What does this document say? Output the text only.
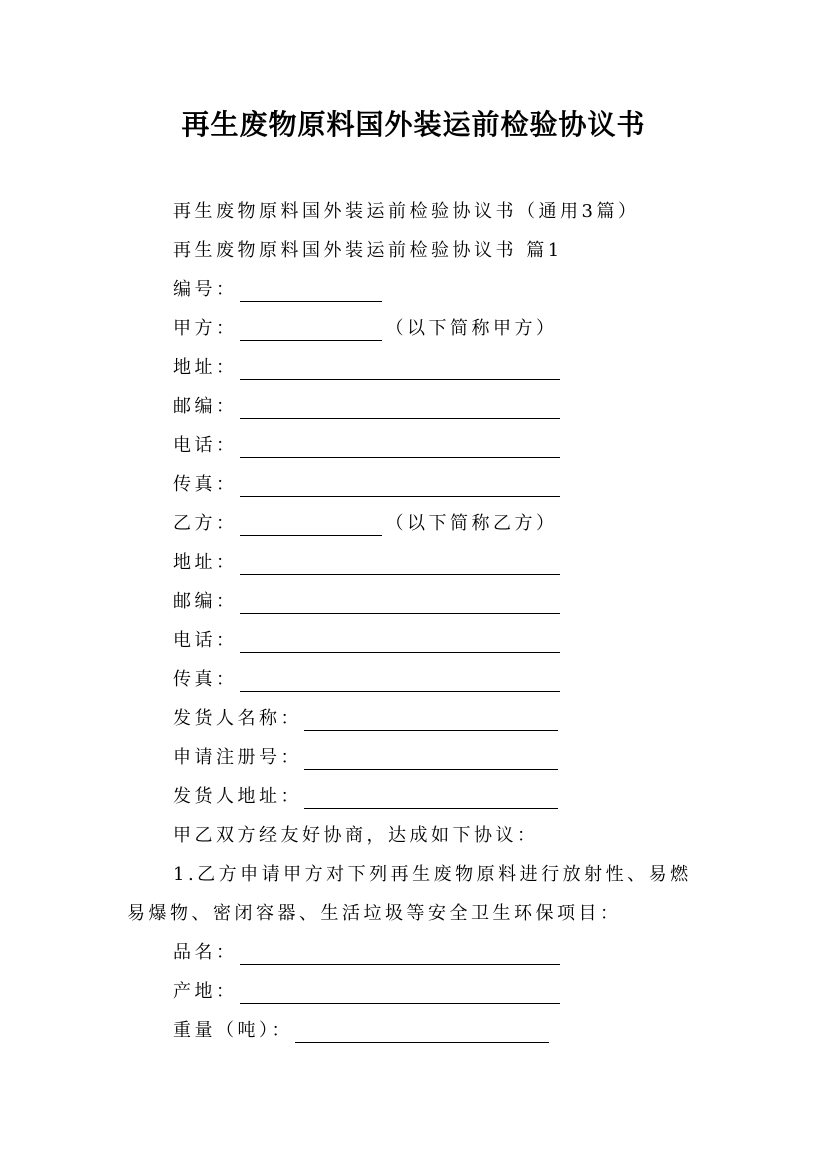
再生废物原料国外装运前检验协议书
再生废物原料国外装运前检验协议书（通用3篇）
再生废物原料国外装运前检验协议书 篇1
编号：
甲方：	（以下简称甲方）
地址：
邮编：
电话：
传真：
乙方：	（以下简称乙方）
地址：
邮编：
电话：
传真：
发货人名称：
申请注册号：
发货人地址：
甲乙双方经友好协商，达成如下协议：
1.乙方申请甲方对下列再生废物原料进行放射性、易燃
易爆物、密闭容器、生活垃圾等安全卫生环保项目：
品名：
产地：
重量（吨）：
